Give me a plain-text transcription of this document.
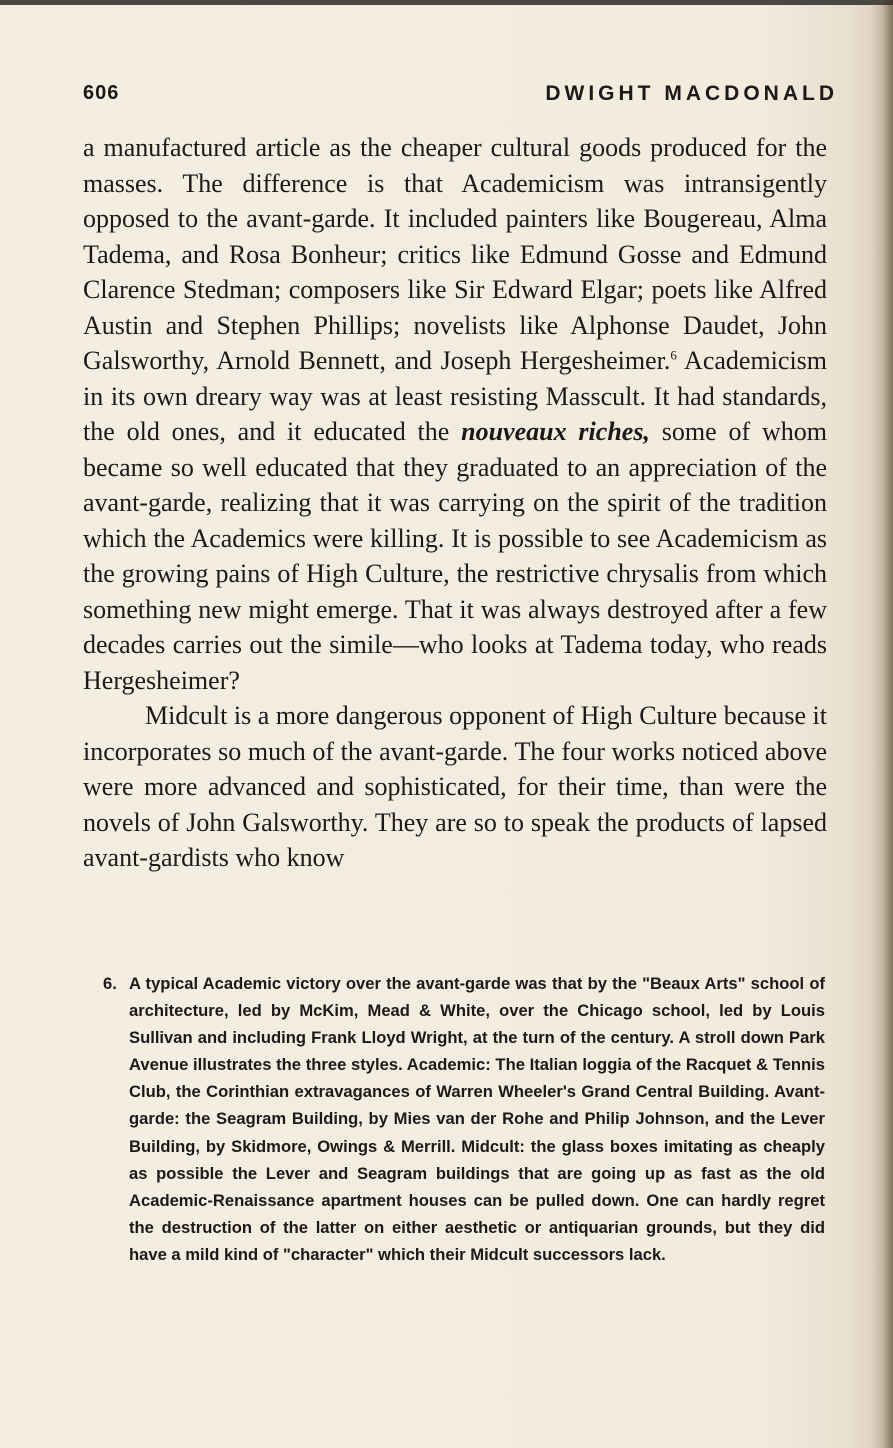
606	DWIGHT MACDONALD

a manufactured article as the cheaper cultural goods produced for the masses. The difference is that Academicism was intransigently opposed to the avant-garde. It included painters like Bougereau, Alma Tadema, and Rosa Bonheur; critics like Edmund Gosse and Edmund Clarence Stedman; composers like Sir Edward Elgar; poets like Alfred Austin and Stephen Phillips; novelists like Alphonse Daudet, John Galsworthy, Arnold Bennett, and Joseph Hergesheimer.$^6$ Academicism in its own dreary way was at least resisting Masscult. It had standards, the old ones, and it educated the nouveaux riches, some of whom became so well educated that they graduated to an appreciation of the avant-garde, realizing that it was carrying on the spirit of the tradition which the Academics were killing. It is possible to see Academicism as the growing pains of High Culture, the restrictive chrysalis from which something new might emerge. That it was always destroyed after a few decades carries out the simile—who looks at Tadema today, who reads Hergesheimer?

Midcult is a more dangerous opponent of High Culture because it incorporates so much of the avant-garde. The four works noticed above were more advanced and sophisticated, for their time, than were the novels of John Galsworthy. They are so to speak the products of lapsed avant-gardists who know

6. A typical Academic victory over the avant-garde was that by the "Beaux Arts" school of architecture, led by McKim, Mead & White, over the Chicago school, led by Louis Sullivan and including Frank Lloyd Wright, at the turn of the century. A stroll down Park Avenue illustrates the three styles. Academic: The Italian loggia of the Racquet & Tennis Club, the Corinthian extravagances of Warren Wheeler's Grand Central Building. Avant-garde: the Seagram Building, by Mies van der Rohe and Philip Johnson, and the Lever Building, by Skidmore, Owings & Merrill. Midcult: the glass boxes imitating as cheaply as possible the Lever and Seagram buildings that are going up as fast as the old Academic-Renaissance apartment houses can be pulled down. One can hardly regret the destruction of the latter on either aesthetic or antiquarian grounds, but they did have a mild kind of "character" which their Midcult successors lack.
